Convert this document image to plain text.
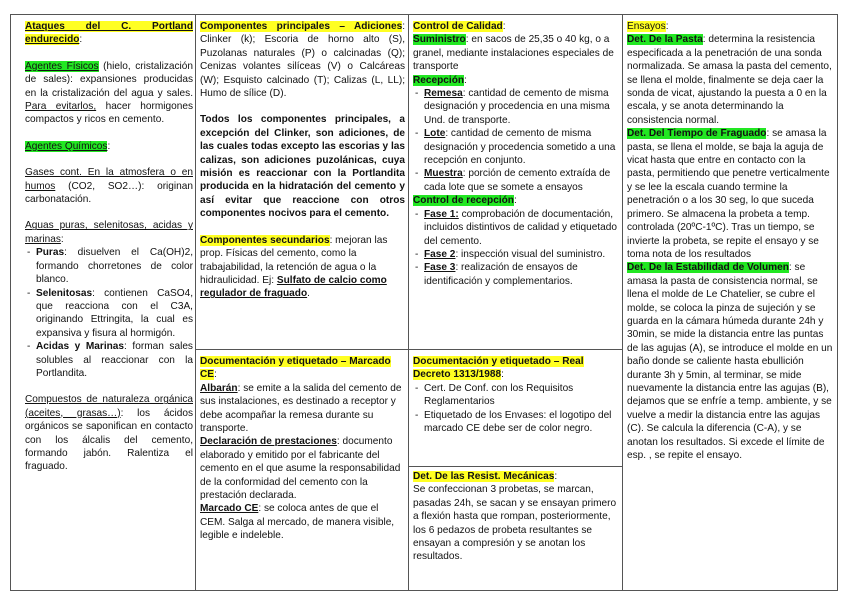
Ataques del C. Portland endurecido:

Agentes Físicos (hielo, cristalización de sales): expansiones producidas en la cristalización del agua y sales. Para evitarlos, hacer hormigones compactos y ricos en cemento.

Agentes Químicos:

Gases cont. En la atmosfera o en humos (CO2, SO2…): originan carbonatación.

Aguas puras, selenitosas, acidas y marinas:

- Puras: disuelven el Ca(OH)2, formando chorretones de color blanco.
- Selenitosas: contienen CaSO4, que reacciona con el C3A, originando Ettringita, la cual es expansiva y fisura al hormigón.
- Acidas y Marinas: forman sales solubles al reaccionar con la Portlandita.

Compuestos de naturaleza orgánica (aceites, grasas…): los ácidos orgánicos se saponifican en contacto con los álcalis del cemento, formando jabón. Ralentiza el fraguado.

Componentes principales – Adiciones: Clinker (k); Escoria de horno alto (S), Puzolanas naturales (P) o calcinadas (Q); Cenizas volantes silíceas (V) o Calcáreas (W); Esquisto calcinado (T); Calizas (L, LL); Humo de sílice (D).

Todos los componentes principales, a excepción del Clinker, son adiciones, de las cuales todas excepto las escorias y las calizas, son adiciones puzolánicas, cuya misión es reaccionar con la Portlandita producida en la hidratación del cemento y así evitar que reaccione con otros componentes nocivos para el cemento.

Componentes secundarios: mejoran las prop. Físicas del cemento, como la trabajabilidad, la retención de agua o la hidraulicidad. Ej: Sulfato de calcio como regulador de fraguado.

Documentación y etiquetado – Marcado CE:

Albarán: se emite a la salida del cemento de sus instalaciones, es destinado a receptor y debe acompañar la remesa durante su transporte.

Declaración de prestaciones: documento elaborado y emitido por el fabricante del cemento en el que asume la responsabilidad de la conformidad del cemento con la prestación declarada.

Marcado CE: se coloca antes de que el CEM. Salga al mercado, de manera visible, legible e indeleble.

Control de Calidad:

Suministro: en sacos de 25,35 o 40 kg, o a granel, mediante instalaciones especiales de transporte

Recepción:

- Remesa: cantidad de cemento de misma designación y procedencia en una misma Und. de transporte.
- Lote: cantidad de cemento de misma designación y procedencia sometido a una recepción en conjunto.
- Muestra: porción de cemento extraída de cada lote que se somete a ensayos

Control de recepción:

- Fase 1: comprobación de documentación, incluidos distintivos de calidad y etiquetado del cemento.
- Fase 2: inspección visual del suministro.
- Fase 3: realización de ensayos de identificación y complementarios.

Documentación y etiquetado – Real Decreto 1313/1988:

- Cert. De Conf. con los Requisitos Reglamentarios
- Etiquetado de los Envases: el logotipo del marcado CE debe ser de color negro.

Det. De las Resist. Mecánicas:

Se confeccionan 3 probetas, se marcan, pasadas 24h, se sacan y se ensayan primero a flexión hasta que rompan, posteriormente, los 6 pedazos de probeta resultantes se ensayan a compresión y se anotan los resultados.

Ensayos:

Det. De la Pasta: determina la resistencia especificada a la penetración de una sonda normalizada. Se amasa la pasta del cemento, se llena el molde, finalmente se deja caer la sonda de vicat, ajustando la puesta a 0 en la escala, y se anota determinando la consistencia normal.

Det. Del Tiempo de Fraguado: se amasa la pasta, se llena el molde, se baja la aguja de vicat hasta que entre en contacto con la pasta, permitiendo que penetre verticalmente y se lee la escala cuando termine la penetración o a los 30 seg, lo que suceda primero. Se almacena la probeta a temp. controlada (20ºC-1ºC). Tras un tiempo, se invierte la probeta, se repite el ensayo y se toma nota de los resultados

Det. De la Estabilidad de Volumen: se amasa la pasta de consistencia normal, se llena el molde de Le Chatelier, se cubre el molde, se coloca la pinza de sujeción y se guarda en la cámara húmeda durante 24h y 30min, se mide la distancia entre las puntas de las agujas (A), se introduce el molde en un baño donde se caliente hasta ebullición durante 3h y 5min, al terminar, se mide nuevamente la distancia entre las agujas (B), dejamos que se enfríe a temp. ambiente, y se vuelve a medir la distancia entre las agujas (C). Se calcula la diferencia (C-A), y se anotan los resultados. Si excede el límite de esp. , se repite el ensayo.
